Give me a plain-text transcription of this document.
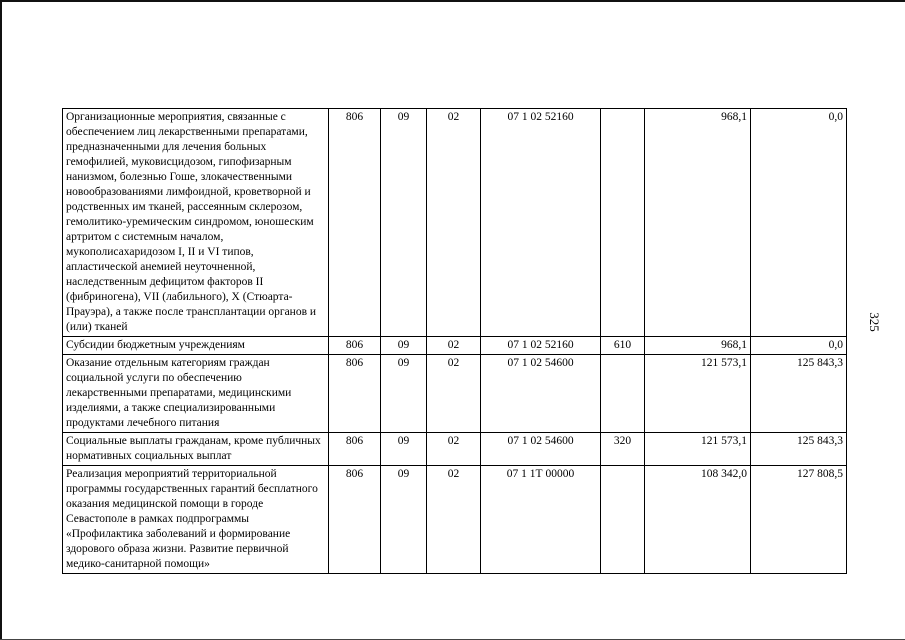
325
Организационные мероприятия, связанные с обеспечением лиц лекарственными препаратами, предназначенными для лечения больных гемофилией, муковисцидозом, гипофизарным нанизмом, болезнью Гоше, злокачественными новообразованиями лимфоидной, кроветворной и родственных им тканей, рассеянным склерозом, гемолитико-уремическим синдромом, юношеским артритом с системным началом, мукополисахаридозом I, II и VI типов, апластической анемией неуточненной, наследственным дефицитом факторов II (фибриногена), VII (лабильного), X (Стюарта-Прауэра), а также после трансплантации органов и (или) тканей	806	09	02	07 1 02 52160		968,1	0,0
Субсидии бюджетным учреждениям	806	09	02	07 1 02 52160	610	968,1	0,0
Оказание отдельным категориям граждан социальной услуги по обеспечению лекарственными препаратами, медицинскими изделиями, а также специализированными продуктами лечебного питания	806	09	02	07 1 02 54600		121 573,1	125 843,3
Социальные выплаты гражданам, кроме публичных нормативных социальных выплат	806	09	02	07 1 02 54600	320	121 573,1	125 843,3
Реализация мероприятий территориальной программы государственных гарантий бесплатного оказания медицинской помощи в городе Севастополе в рамках подпрограммы «Профилактика заболеваний и формирование здорового образа жизни. Развитие первичной медико-санитарной помощи»	806	09	02	07 1 1Т 00000		108 342,0	127 808,5
